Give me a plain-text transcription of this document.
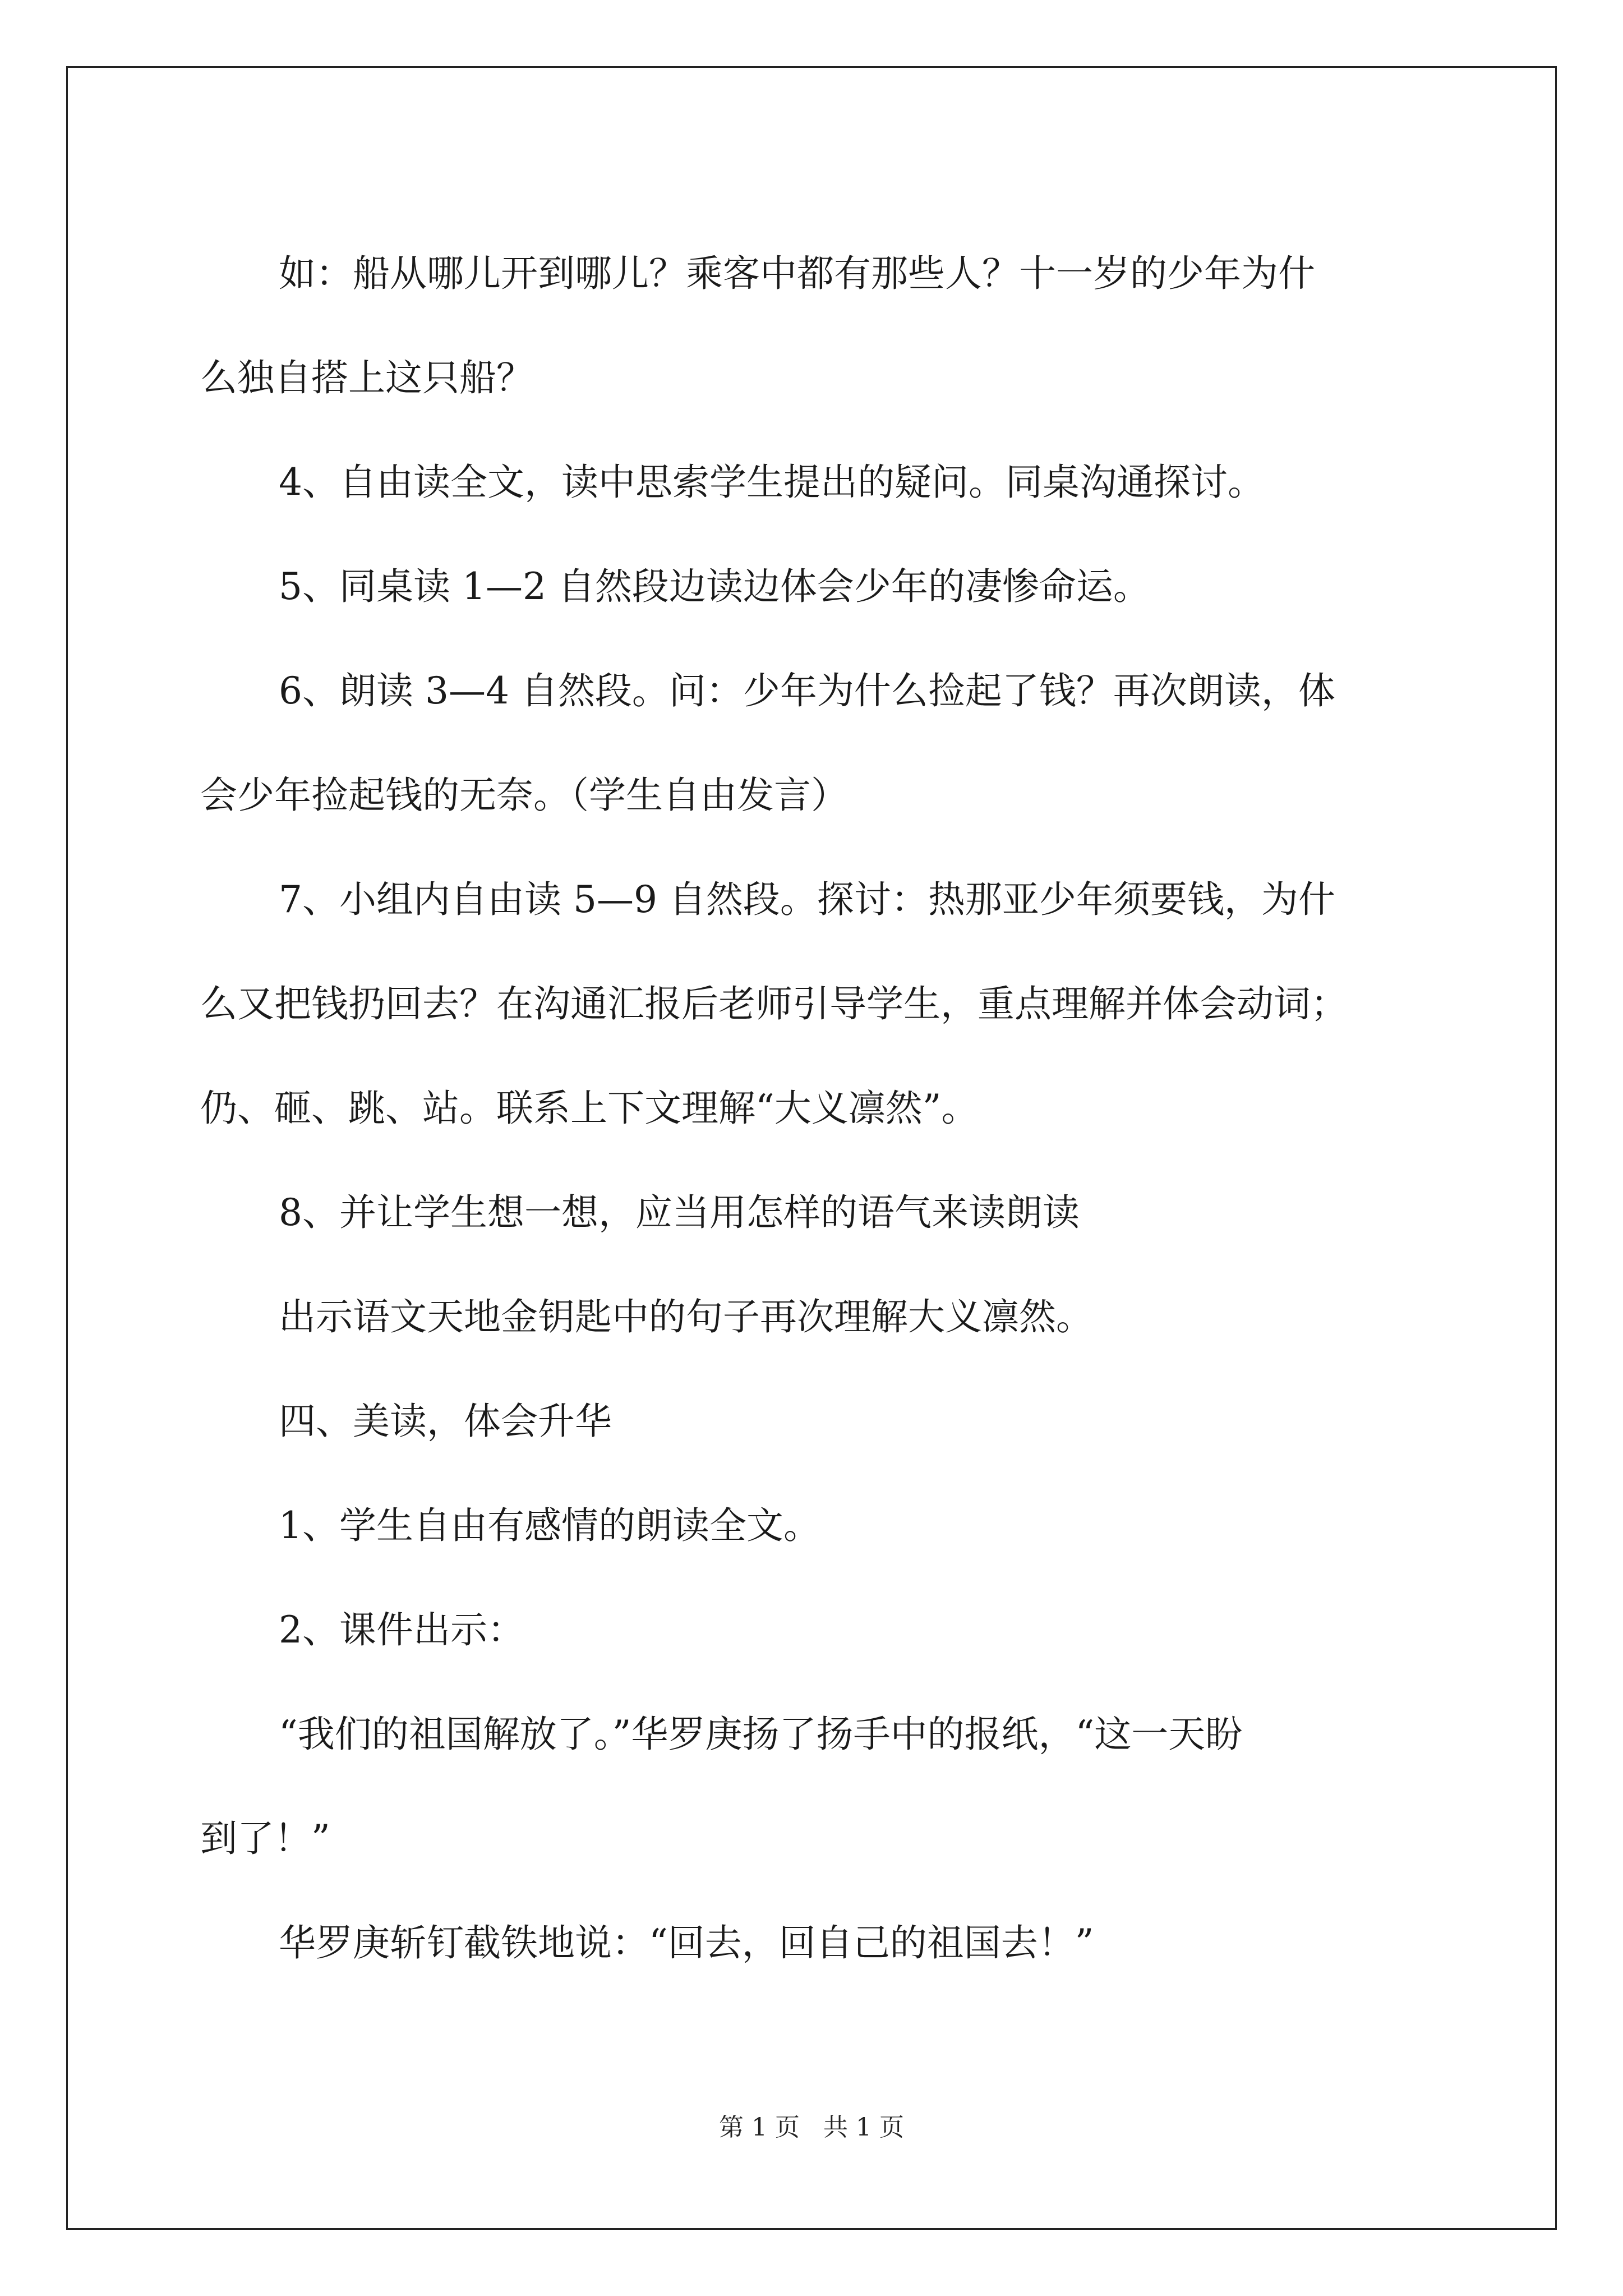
如：船从哪儿开到哪儿？乘客中都有那些人？十一岁的少年为什

么独自搭上这只船？

4、自由读全文，读中思索学生提出的疑问。同桌沟通探讨。

5、同桌读 1—2 自然段边读边体会少年的凄惨命运。

6、朗读 3—4 自然段。问：少年为什么捡起了钱？再次朗读，体

会少年捡起钱的无奈。（学生自由发言）

7、小组内自由读 5—9 自然段。探讨：热那亚少年须要钱，为什

么又把钱扔回去？在沟通汇报后老师引导学生，重点理解并体会动词；

仍、砸、跳、站。联系上下文理解“大义凛然”。

8、并让学生想一想，应当用怎样的语气来读朗读

出示语文天地金钥匙中的句子再次理解大义凛然。

四、美读，体会升华

1、学生自由有感情的朗读全文。

2、课件出示：

“我们的祖国解放了。”华罗庚扬了扬手中的报纸，“这一天盼

到了！”

华罗庚斩钉截铁地说：“回去，回自己的祖国去！”

第 1 页 共 1 页
